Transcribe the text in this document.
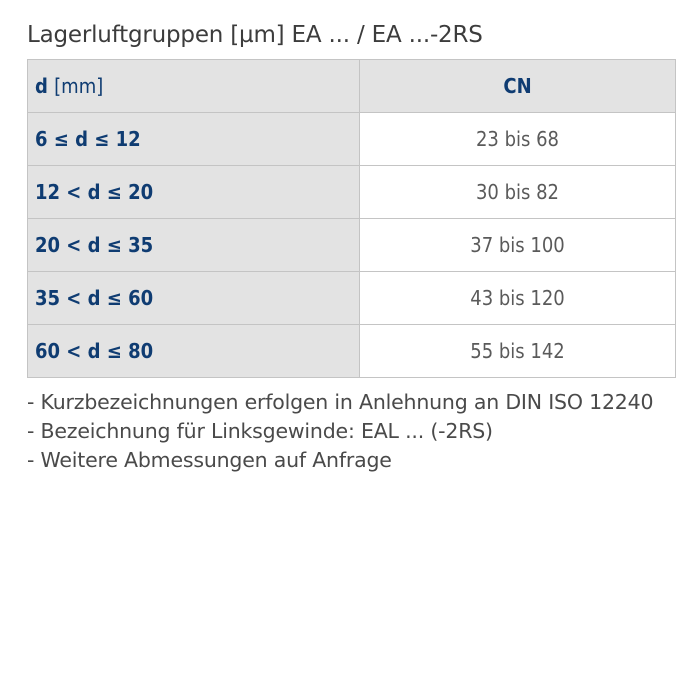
Lagerluftgruppen [µm] EA ... / EA ...-2RS
d [mm]	CN
6 ≤ d ≤ 12	23 bis 68
12 < d ≤ 20	30 bis 82
20 < d ≤ 35	37 bis 100
35 < d ≤ 60	43 bis 120
60 < d ≤ 80	55 bis 142
- Kurzbezeichnungen erfolgen in Anlehnung an DIN ISO 12240
- Bezeichnung für Linksgewinde: EAL ... (-2RS)
- Weitere Abmessungen auf Anfrage
